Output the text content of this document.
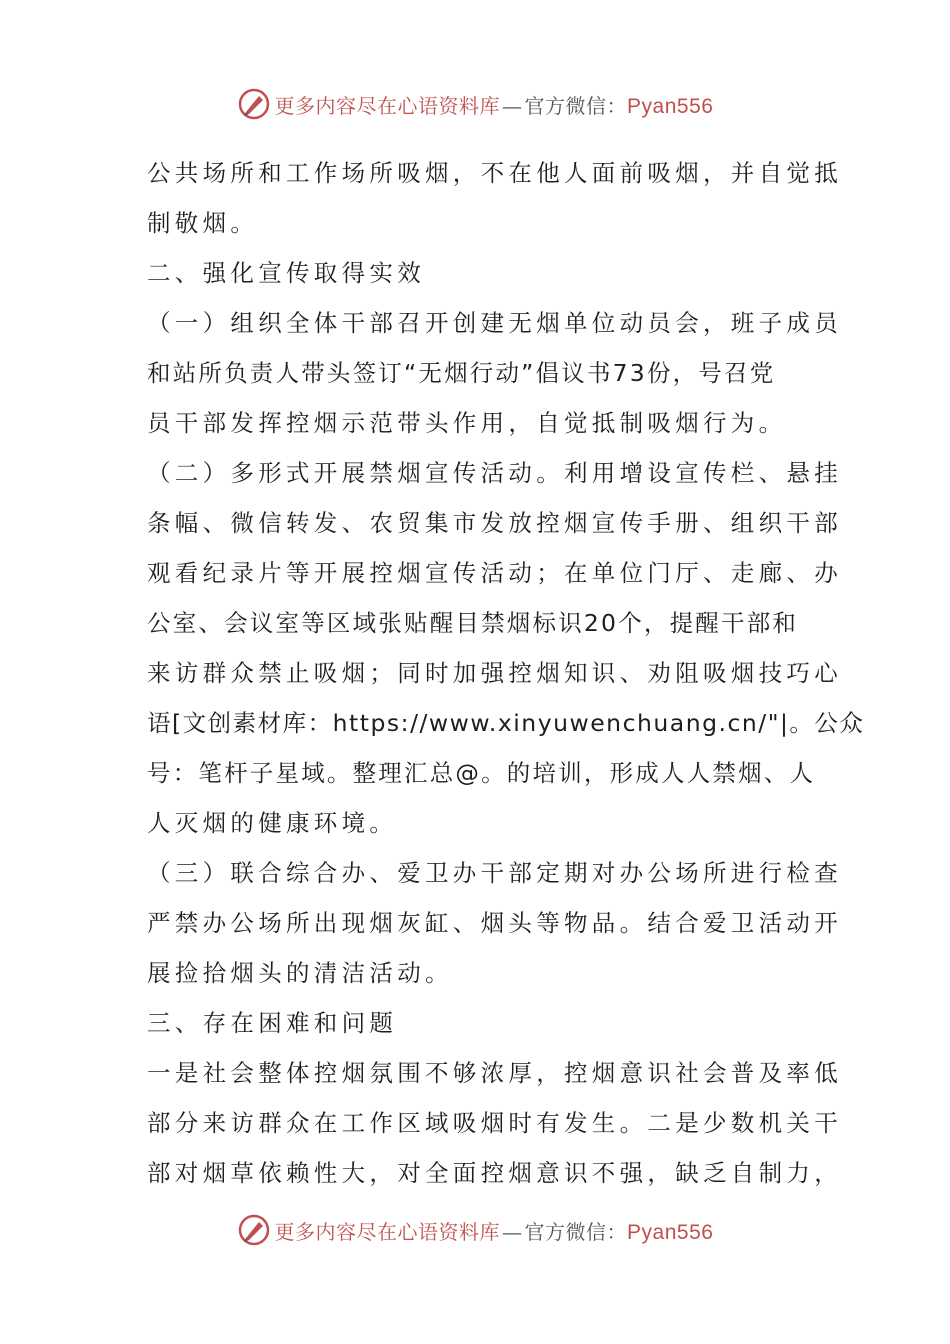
更多内容尽在心语资料库 — 官方微信：Pyan556
公共场所和工作场所吸烟，不在他人面前吸烟，并自觉抵
制敬烟。
二、强化宣传取得实效
（一）组织全体干部召开创建无烟单位动员会，班子成员
和站所负责人带头签订“无烟行动”倡议书73份，号召党
员干部发挥控烟示范带头作用，自觉抵制吸烟行为。
（二）多形式开展禁烟宣传活动。利用增设宣传栏、悬挂
条幅、微信转发、农贸集市发放控烟宣传手册、组织干部
观看纪录片等开展控烟宣传活动；在单位门厅、走廊、办
公室、会议室等区域张贴醒目禁烟标识20个，提醒干部和
来访群众禁止吸烟；同时加强控烟知识、劝阻吸烟技巧心
语[文创素材库：https://www.xinyuwenchuang.cn/"|。公众
号：笔杆子星域。整理汇总@。的培训，形成人人禁烟、人
人灭烟的健康环境。
（三）联合综合办、爱卫办干部定期对办公场所进行检查
严禁办公场所出现烟灰缸、烟头等物品。结合爱卫活动开
展捡拾烟头的清洁活动。
三、存在困难和问题
一是社会整体控烟氛围不够浓厚，控烟意识社会普及率低
部分来访群众在工作区域吸烟时有发生。二是少数机关干
部对烟草依赖性大，对全面控烟意识不强，缺乏自制力，
更多内容尽在心语资料库 — 官方微信：Pyan556
